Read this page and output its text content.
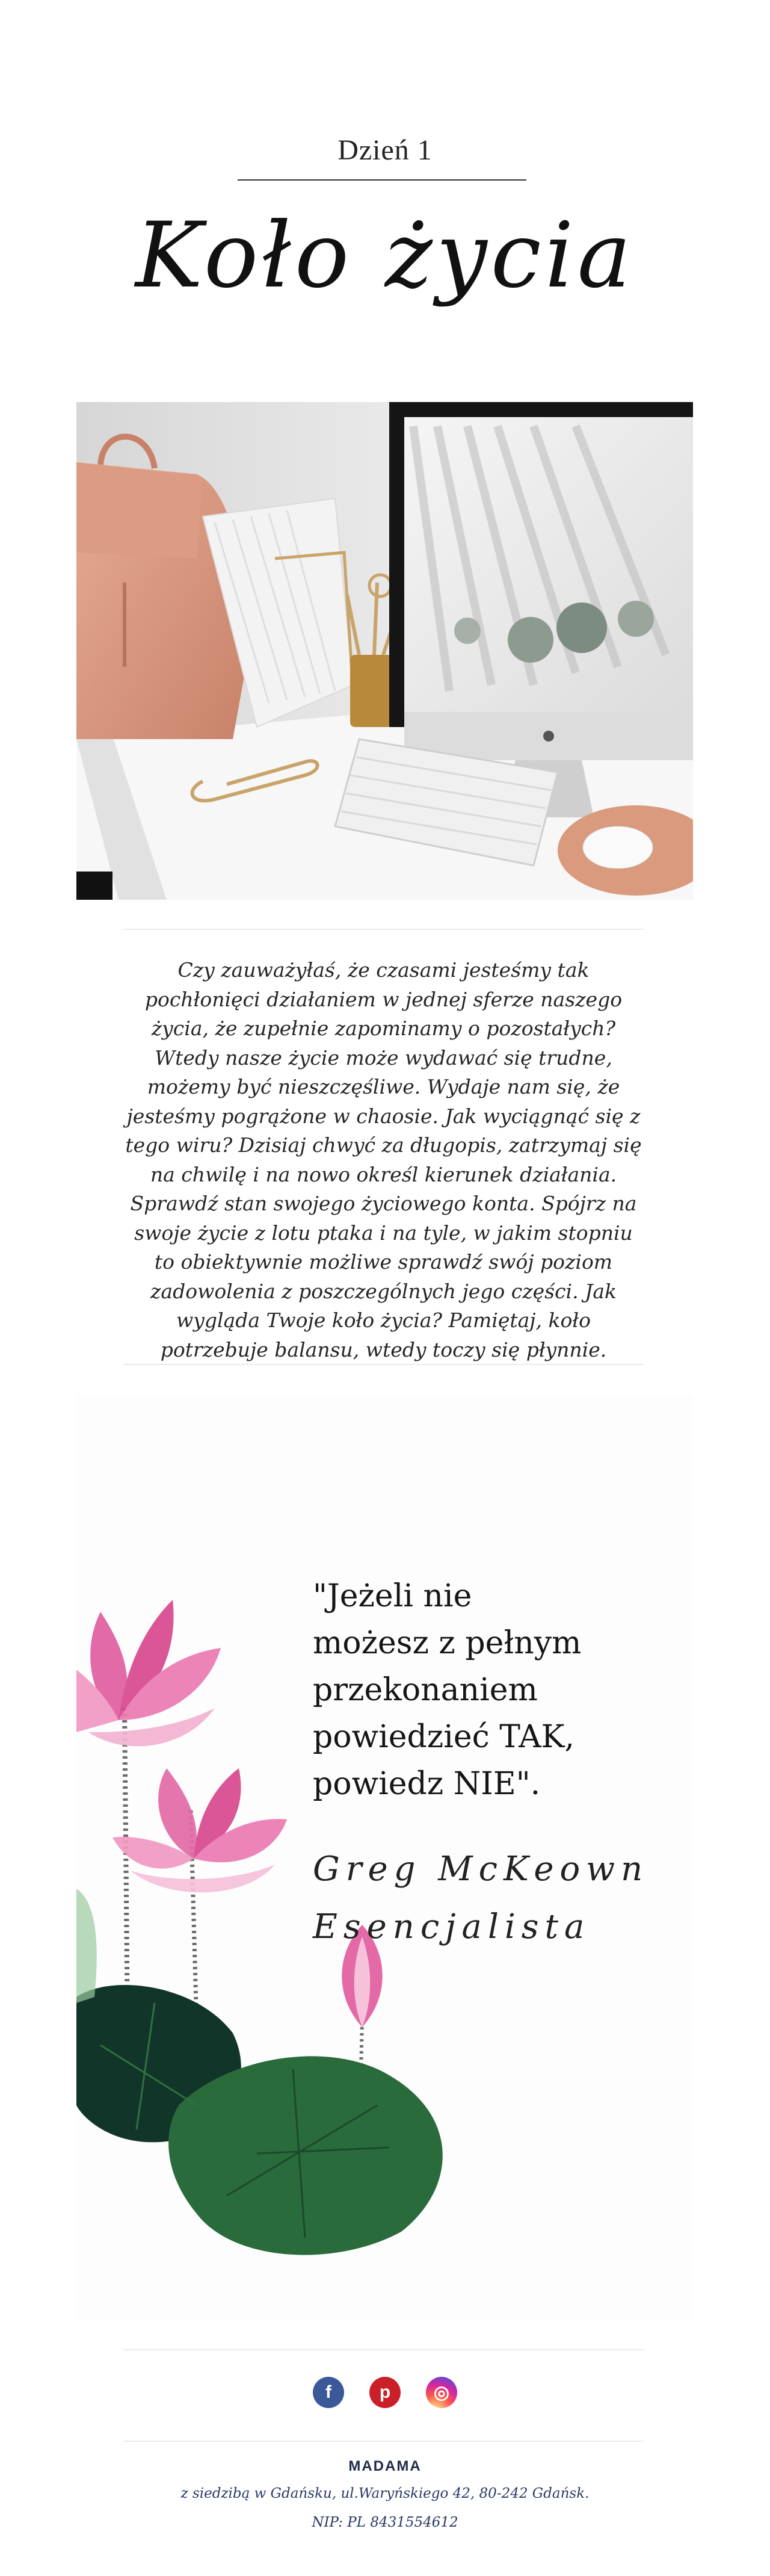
Dzień 1
Koło życia
Czy zauważyłaś, że czasami jesteśmy tak pochłonięci działaniem w jednej sferze naszego życia, że zupełnie zapominamy o pozostałych? Wtedy nasze życie może wydawać się trudne, możemy być nieszczęśliwe. Wydaje nam się, że jesteśmy pogrążone w chaosie. Jak wyciągnąć się z tego wiru? Dzisiaj chwyć za długopis, zatrzymaj się na chwilę i na nowo określ kierunek działania. Sprawdź stan swojego życiowego konta. Spójrz na swoje życie z lotu ptaka i na tyle, w jakim stopniu to obiektywnie możliwe sprawdź swój poziom zadowolenia z poszczególnych jego części. Jak wygląda Twoje koło życia? Pamiętaj, koło potrzebuje balansu, wtedy toczy się płynnie.
"Jeżeli nie
możesz z pełnym
przekonaniem
powiedzieć TAK,
powiedz NIE".
Greg McKeown
Esencjalista
f	p	◎
MADAMA
z siedzibą w Gdańsku, ul.Waryńskiego 42, 80-242 Gdańsk.
NIP: PL 8431554612
